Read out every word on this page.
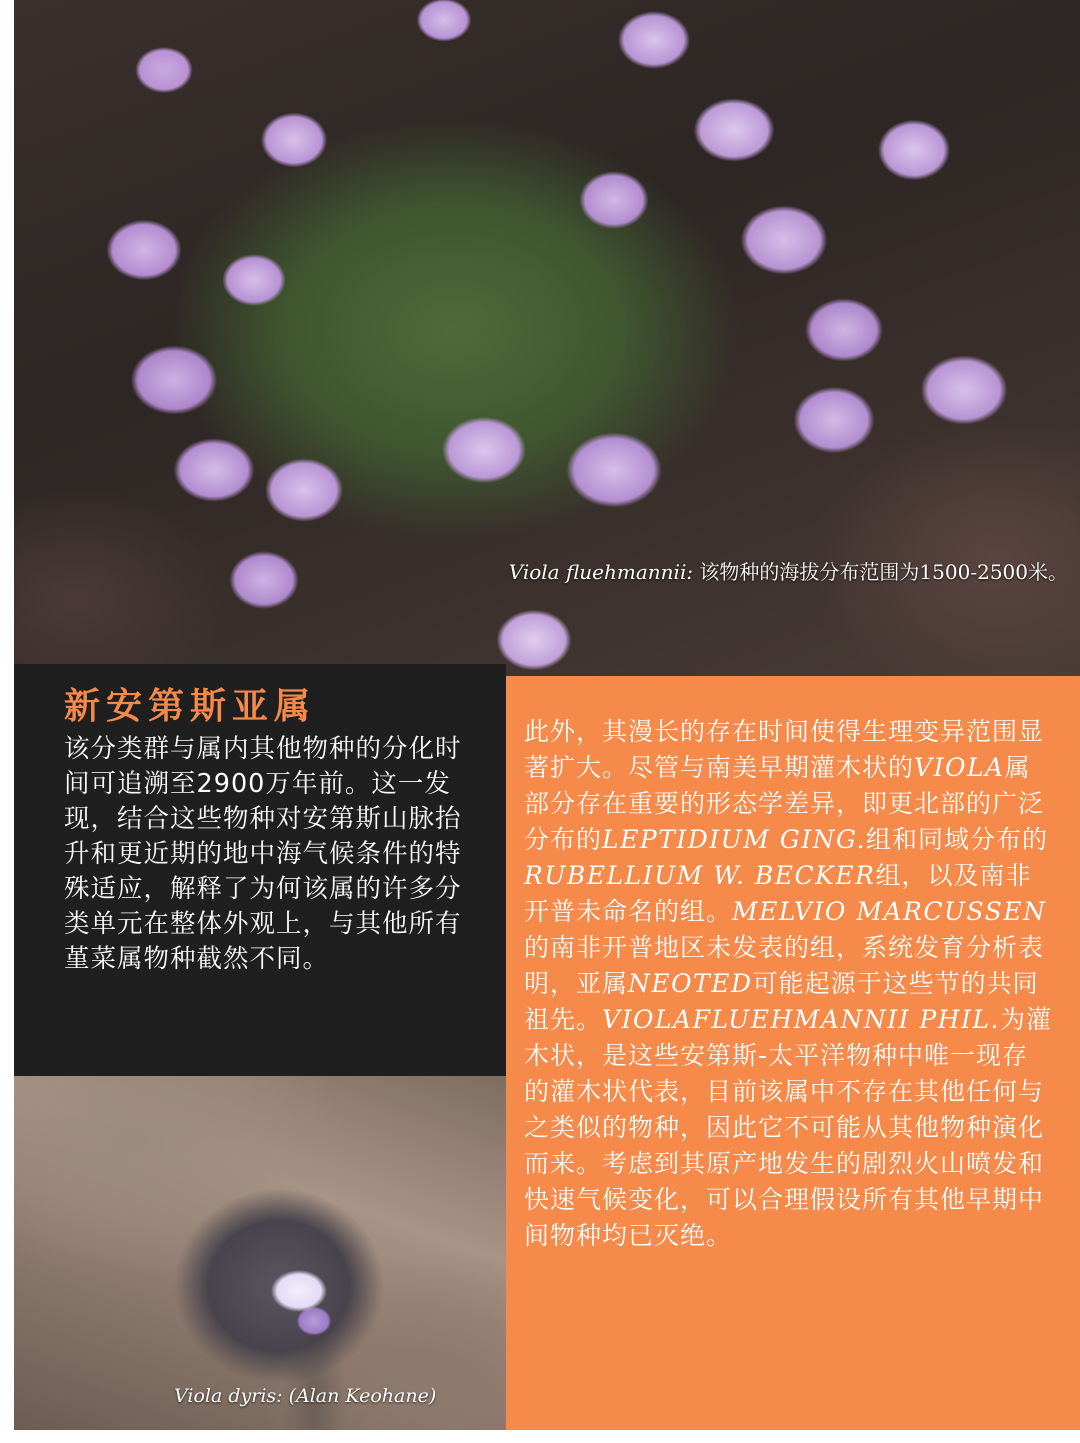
Viola fluehmannii: 该物种的海拔分布范围为1500-2500米。
新安第斯亚属

该分类群与属内其他物种的分化时间可追溯至2900万年前。这一发现，结合这些物种对安第斯山脉抬升和更近期的地中海气候条件的特殊适应，解释了为何该属的许多分类单元在整体外观上，与其他所有堇菜属物种截然不同。

Viola dyris: (Alan Keohane)

此外，其漫长的存在时间使得生理变异范围显著扩大。尽管与南美早期灌木状的VIOLA属部分存在重要的形态学差异，即更北部的广泛分布的LEPTIDIUM GING.组和同域分布的RUBELLIUM W. BECKER组，以及南非开普未命名的组。MELVIO MARCUSSEN的南非开普地区未发表的组，系统发育分析表明，亚属NEOTED可能起源于这些节的共同祖先。VIOLAFLUEHMANNII PHIL.为灌木状，是这些安第斯-太平洋物种中唯一现存的灌木状代表，目前该属中不存在其他任何与之类似的物种，因此它不可能从其他物种演化而来。考虑到其原产地发生的剧烈火山喷发和快速气候变化，可以合理假设所有其他早期中间物种均已灭绝。
